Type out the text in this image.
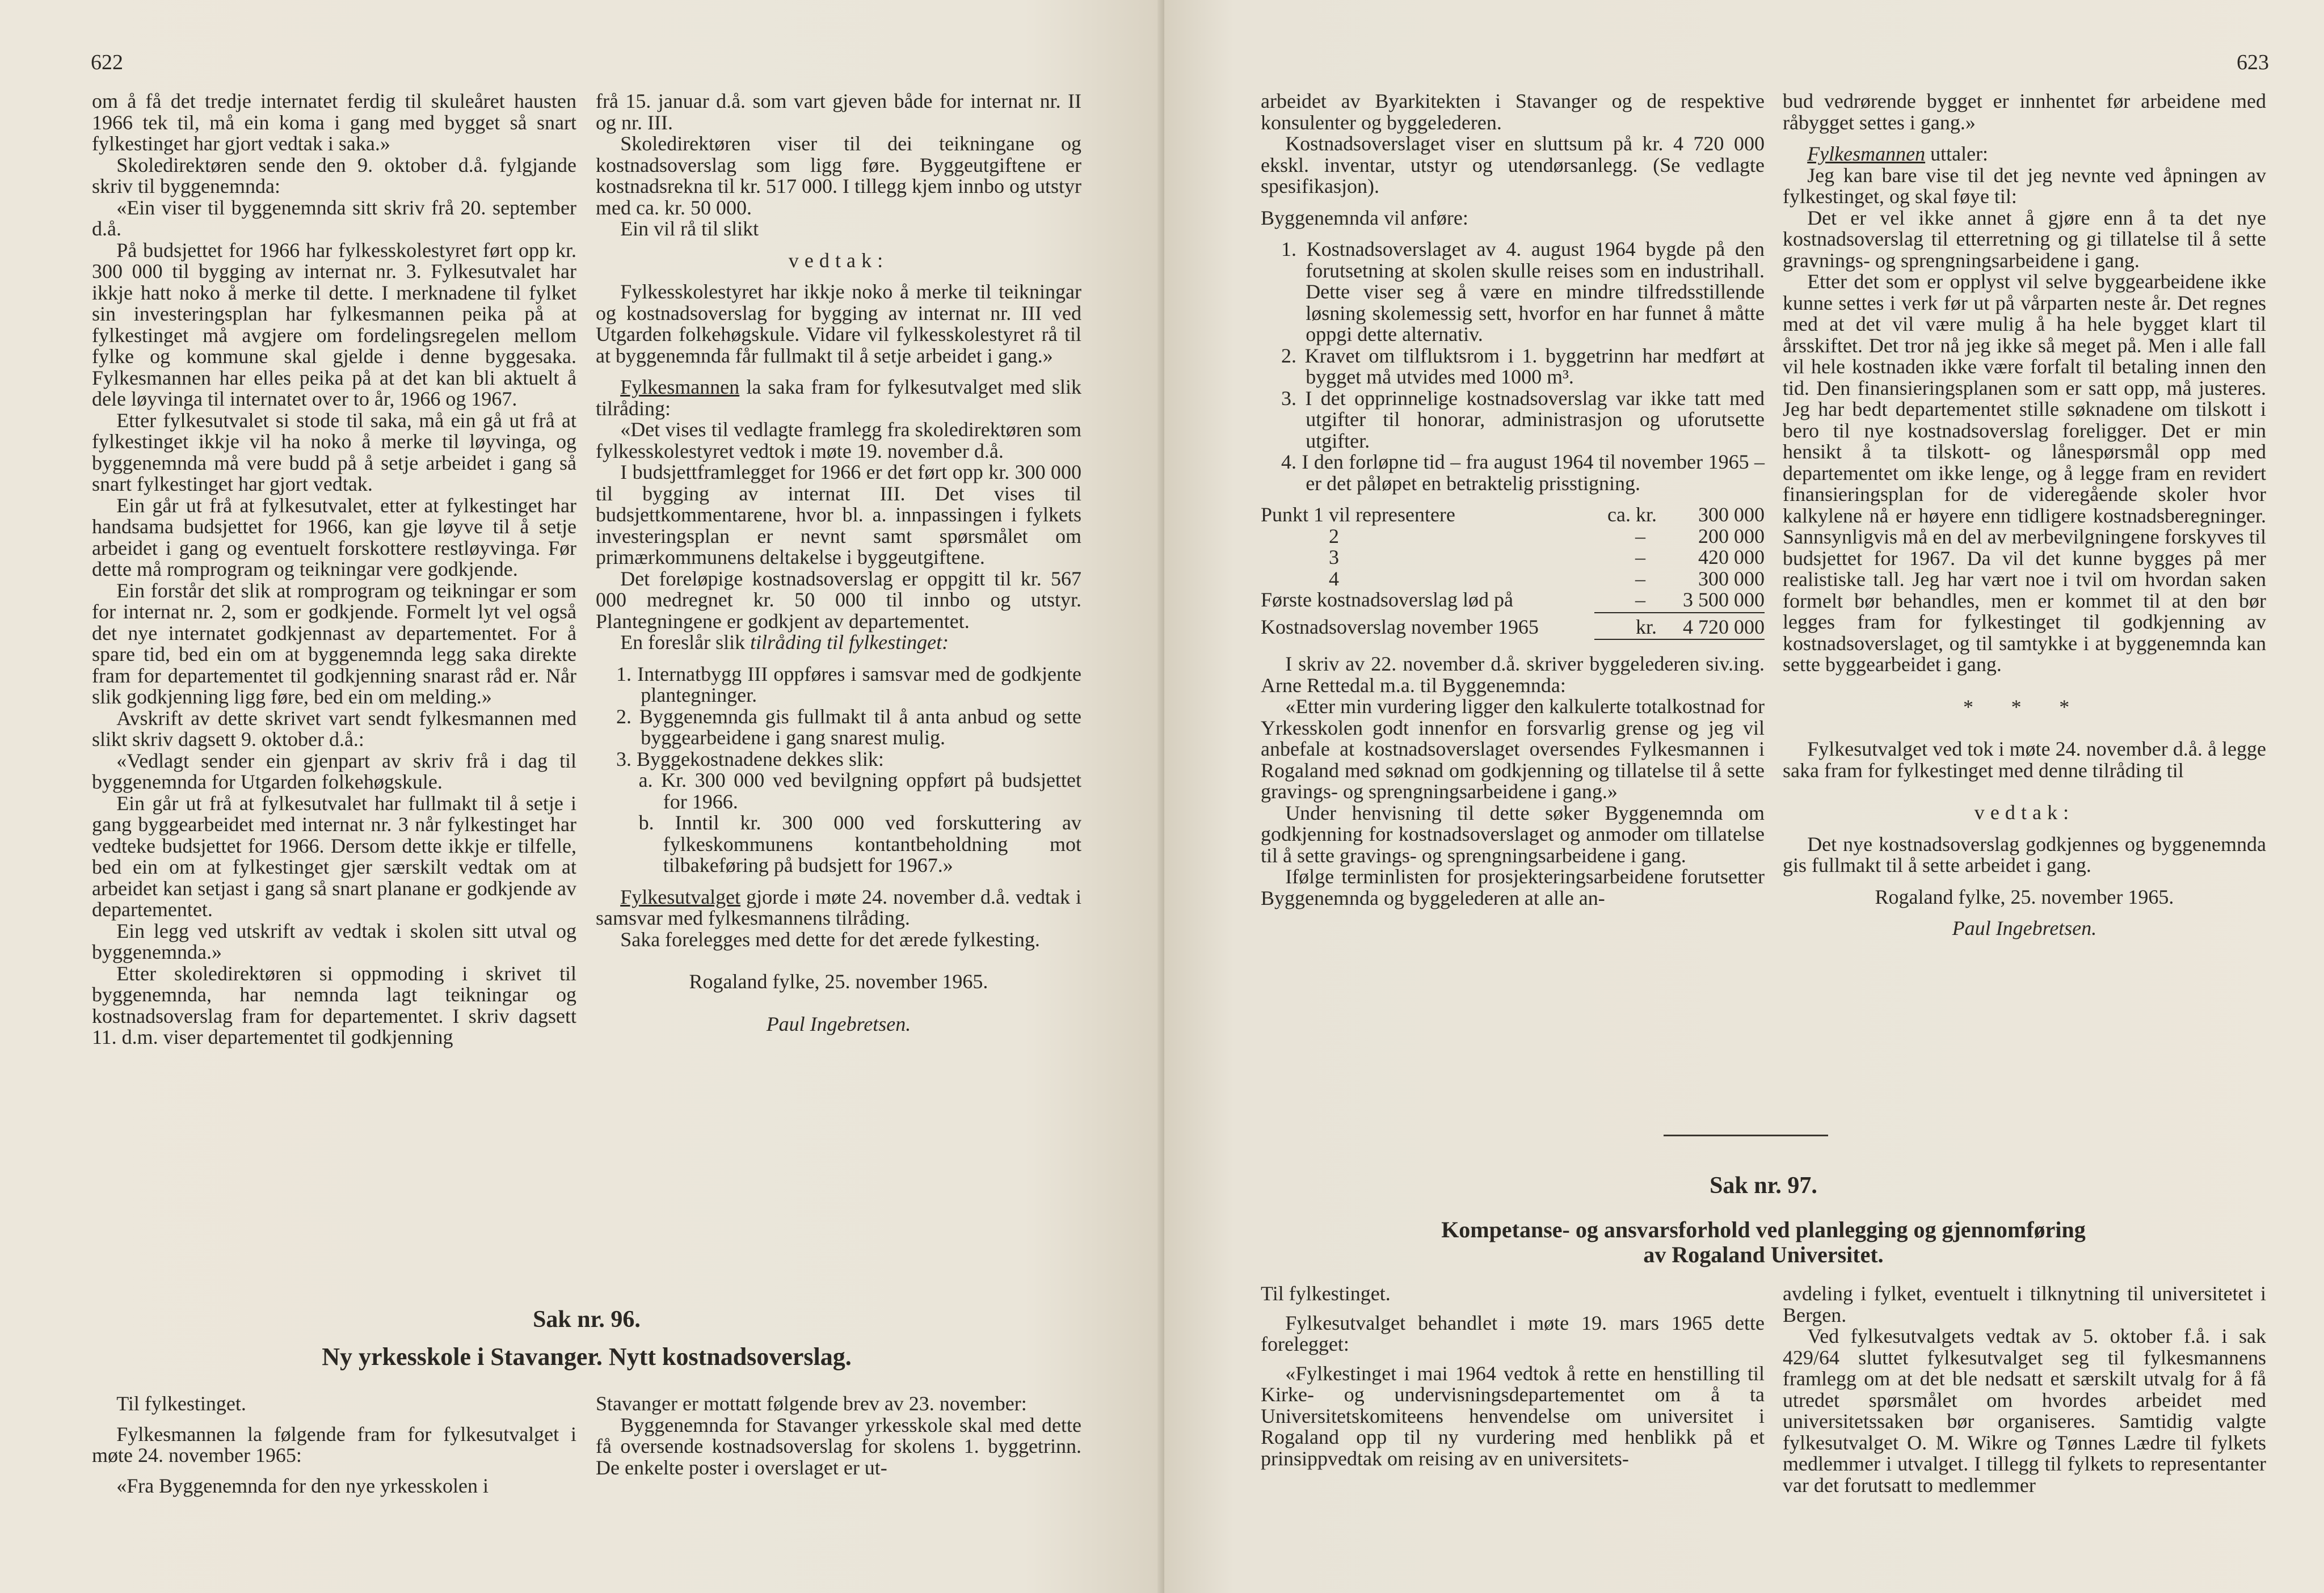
622

om å få det tredje internatet ferdig til skuleåret hausten 1966 tek til, må ein koma i gang med bygget så snart fylkestinget har gjort vedtak i saka.»

Skoledirektøren sende den 9. oktober d.å. fylgjande skriv til byggenemnda:

«Ein viser til byggenemnda sitt skriv frå 20. september d.å.

På budsjettet for 1966 har fylkesskolestyret ført opp kr. 300 000 til bygging av internat nr. 3. Fylkesutvalet har ikkje hatt noko å merke til dette. I merknadene til fylket sin investeringsplan har fylkesmannen peika på at fylkestinget må avgjere om fordelingsregelen mellom fylke og kommune skal gjelde i denne byggesaka. Fylkesmannen har elles peika på at det kan bli aktuelt å dele løyvinga til internatet over to år, 1966 og 1967.

Etter fylkesutvalet si stode til saka, må ein gå ut frå at fylkestinget ikkje vil ha noko å merke til løyvinga, og byggenemnda må vere budd på å setje arbeidet i gang så snart fylkestinget har gjort vedtak.

Ein går ut frå at fylkesutvalet, etter at fylkestinget har handsama budsjettet for 1966, kan gje løyve til å setje arbeidet i gang og eventuelt forskottere restløyvinga. Før dette må romprogram og teikningar vere godkjende.

Ein forstår det slik at romprogram og teikningar er som for internat nr. 2, som er godkjende. Formelt lyt vel også det nye internatet godkjennast av departementet. For å spare tid, bed ein om at byggenemnda legg saka direkte fram for departementet til godkjenning snarast råd er. Når slik godkjenning ligg føre, bed ein om melding.»

Avskrift av dette skrivet vart sendt fylkesmannen med slikt skriv dagsett 9. oktober d.å.:

«Vedlagt sender ein gjenpart av skriv frå i dag til byggenemnda for Utgarden folkehøgskule.

Ein går ut frå at fylkesutvalet har fullmakt til å setje i gang byggearbeidet med internat nr. 3 når fylkestinget har vedteke budsjettet for 1966. Dersom dette ikkje er tilfelle, bed ein om at fylkestinget gjer særskilt vedtak om at arbeidet kan setjast i gang så snart planane er godkjende av departementet.

Ein legg ved utskrift av vedtak i skolen sitt utval og byggenemnda.»

Etter skoledirektøren si oppmoding i skrivet til byggenemnda, har nemnda lagt teikningar og kostnadsoverslag fram for departementet. I skriv dagsett 11. d.m. viser departementet til godkjenning

frå 15. januar d.å. som vart gjeven både for internat nr. II og nr. III.

Skoledirektøren viser til dei teikningane og kostnadsoverslag som ligg føre. Byggeutgiftene er kostnadsrekna til kr. 517 000. I tillegg kjem innbo og utstyr med ca. kr. 50 000.

Ein vil rå til slikt

vedtak:

Fylkesskolestyret har ikkje noko å merke til teikningar og kostnadsoverslag for bygging av internat nr. III ved Utgarden folkehøgskule. Vidare vil fylkesskolestyret rå til at byggenemnda får fullmakt til å setje arbeidet i gang.»

Fylkesmannen la saka fram for fylkesutvalget med slik tilråding:

«Det vises til vedlagte framlegg fra skoledirektøren som fylkesskolestyret vedtok i møte 19. november d.å.

I budsjettframlegget for 1966 er det ført opp kr. 300 000 til bygging av internat III. Det vises til budsjettkommentarene, hvor bl. a. innpassingen i fylkets investeringsplan er nevnt samt spørsmålet om primærkommunens deltakelse i byggeutgiftene.

Det foreløpige kostnadsoverslag er oppgitt til kr. 567 000 medregnet kr. 50 000 til innbo og utstyr. Plantegningene er godkjent av departementet.

En foreslår slik tilråding til fylkestinget:

1. Internatbygg III oppføres i samsvar med de godkjente plantegninger.

2. Byggenemnda gis fullmakt til å anta anbud og sette byggearbeidene i gang snarest mulig.

3. Byggekostnadene dekkes slik:

a. Kr. 300 000 ved bevilgning oppført på budsjettet for 1966.

b. Inntil kr. 300 000 ved forskuttering av fylkeskommunens kontantbeholdning mot tilbakeføring på budsjett for 1967.»

Fylkesutvalget gjorde i møte 24. november d.å. vedtak i samsvar med fylkesmannens tilråding.

Saka forelegges med dette for det ærede fylkesting.

Rogaland fylke, 25. november 1965.

Paul Ingebretsen.

Sak nr. 96.
Ny yrkesskole i Stavanger. Nytt kostnadsoverslag.

Til fylkestinget.

Fylkesmannen la følgende fram for fylkesutvalget i møte 24. november 1965:

«Fra Byggenemnda for den nye yrkesskolen i

Stavanger er mottatt følgende brev av 23. november:

Byggenemnda for Stavanger yrkesskole skal med dette få oversende kostnadsoverslag for skolens 1. byggetrinn. De enkelte poster i overslaget er ut-

623

arbeidet av Byarkitekten i Stavanger og de respektive konsulenter og byggelederen.

Kostnadsoverslaget viser en sluttsum på kr. 4 720 000 ekskl. inventar, utstyr og utendørsanlegg. (Se vedlagte spesifikasjon).

Byggenemnda vil anføre:

1. Kostnadsoverslaget av 4. august 1964 bygde på den forutsetning at skolen skulle reises som en industrihall. Dette viser seg å være en mindre tilfredsstillende løsning skolemessig sett, hvorfor en har funnet å måtte oppgi dette alternativ.

2. Kravet om tilfluktsrom i 1. byggetrinn har medført at bygget må utvides med 1000 m³.

3. I det opprinnelige kostnadsoverslag var ikke tatt med utgifter til honorar, administrasjon og uforutsette utgifter.

4. I den forløpne tid – fra august 1964 til november 1965 – er det påløpet en betraktelig prisstigning.

Punkt 1 vil representere	ca. kr.	300 000
2	–	200 000
3	–	420 000
4	–	300 000
Første kostnadsoverslag lød på	–	3 500 000
Kostnadsoverslag november 1965	kr.	4 720 000

I skriv av 22. november d.å. skriver byggelederen siv.ing. Arne Rettedal m.a. til Byggenemnda:

«Etter min vurdering ligger den kalkulerte totalkostnad for Yrkesskolen godt innenfor en forsvarlig grense og jeg vil anbefale at kostnadsoverslaget oversendes Fylkesmannen i Rogaland med søknad om godkjenning og tillatelse til å sette gravings- og sprengningsarbeidene i gang.»

Under henvisning til dette søker Byggenemnda om godkjenning for kostnadsoverslaget og anmoder om tillatelse til å sette gravings- og sprengningsarbeidene i gang.

Ifølge terminlisten for prosjekteringsarbeidene forutsetter Byggenemnda og byggelederen at alle an-

bud vedrørende bygget er innhentet før arbeidene med råbygget settes i gang.»

Fylkesmannen uttaler:

Jeg kan bare vise til det jeg nevnte ved åpningen av fylkestinget, og skal føye til:

Det er vel ikke annet å gjøre enn å ta det nye kostnadsoverslag til etterretning og gi tillatelse til å sette gravnings- og sprengningsarbeidene i gang.

Etter det som er opplyst vil selve byggearbeidene ikke kunne settes i verk før ut på vårparten neste år. Det regnes med at det vil være mulig å ha hele bygget klart til årsskiftet. Det tror nå jeg ikke så meget på. Men i alle fall vil hele kostnaden ikke være forfalt til betaling innen den tid. Den finansieringsplanen som er satt opp, må justeres. Jeg har bedt departementet stille søknadene om tilskott i bero til nye kostnadsoverslag foreligger. Det er min hensikt å ta tilskott- og lånespørsmål opp med departementet om ikke lenge, og å legge fram en revidert finansieringsplan for de videregående skoler hvor kalkylene nå er høyere enn tidligere kostnadsberegninger. Sannsynligvis må en del av merbevilgningene forskyves til budsjettet for 1967. Da vil det kunne bygges på mer realistiske tall. Jeg har vært noe i tvil om hvordan saken formelt bør behandles, men er kommet til at den bør legges fram for fylkestinget til godkjenning av kostnadsoverslaget, og til samtykke i at byggenemnda kan sette byggearbeidet i gang.

* * *

Fylkesutvalget ved tok i møte 24. november d.å. å legge saka fram for fylkestinget med denne tilråding til

vedtak:

Det nye kostnadsoverslag godkjennes og byggenemnda gis fullmakt til å sette arbeidet i gang.

Rogaland fylke, 25. november 1965.

Paul Ingebretsen.

Sak nr. 97.
Kompetanse- og ansvarsforhold ved planlegging og gjennomføring
av Rogaland Universitet.

Til fylkestinget.

Fylkesutvalget behandlet i møte 19. mars 1965 dette forelegget:

«Fylkestinget i mai 1964 vedtok å rette en henstilling til Kirke- og undervisningsdepartementet om å ta Universitetskomiteens henvendelse om universitet i Rogaland opp til ny vurdering med henblikk på et prinsippvedtak om reising av en universitets-

avdeling i fylket, eventuelt i tilknytning til universitetet i Bergen.

Ved fylkesutvalgets vedtak av 5. oktober f.å. i sak 429/64 sluttet fylkesutvalget seg til fylkesmannens framlegg om at det ble nedsatt et særskilt utvalg for å få utredet spørsmålet om hvordes arbeidet med universitetssaken bør organiseres. Samtidig valgte fylkesutvalget O. M. Wikre og Tønnes Lædre til fylkets medlemmer i utvalget. I tillegg til fylkets to representanter var det forutsatt to medlemmer
